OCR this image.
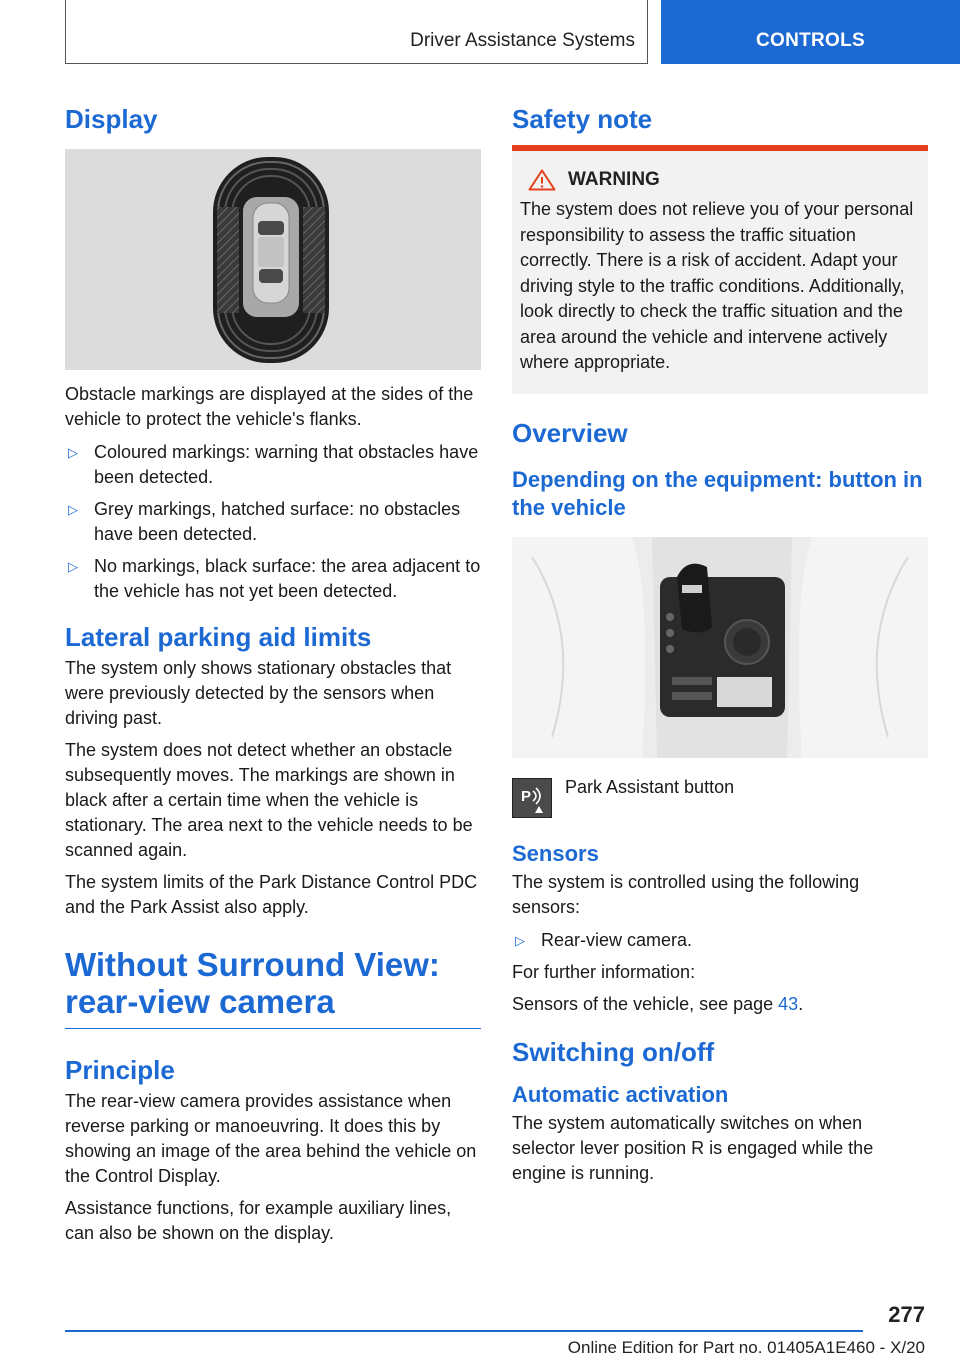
Driver Assistance Systems	CONTROLS
Display

Obstacle markings are displayed at the sides of the vehicle to protect the vehicle's flanks.

▷ Coloured markings: warning that obstacles have been detected.
▷ Grey markings, hatched surface: no obstacles have been detected.
▷ No markings, black surface: the area adjacent to the vehicle has not yet been detected.
Lateral parking aid limits

The system only shows stationary obstacles that were previously detected by the sensors when driving past.

The system does not detect whether an obstacle subsequently moves. The markings are shown in black after a certain time when the vehicle is stationary. The area next to the vehicle needs to be scanned again.

The system limits of the Park Distance Control PDC and the Park Assist also apply.

Without Surround View: rear-view camera
Principle

The rear-view camera provides assistance when reverse parking or manoeuvring. It does this by showing an image of the area behind the vehicle on the Control Display.

Assistance functions, for example auxiliary lines, can also be shown on the display.

Safety note
WARNING

The system does not relieve you of your personal responsibility to assess the traffic situation correctly. There is a risk of accident. Adapt your driving style to the traffic conditions. Additionally, look directly to check the traffic situation and the area around the vehicle and intervene actively where appropriate.

Overview
Depending on the equipment: button in the vehicle
P Park Assistant button

Sensors

The system is controlled using the following sensors:

▷ Rear-view camera.

For further information:

Sensors of the vehicle, see page 43.

Switching on/off
Automatic activation

The system automatically switches on when selector lever position R is engaged while the engine is running.

277
Online Edition for Part no. 01405A1E460 - X/20
